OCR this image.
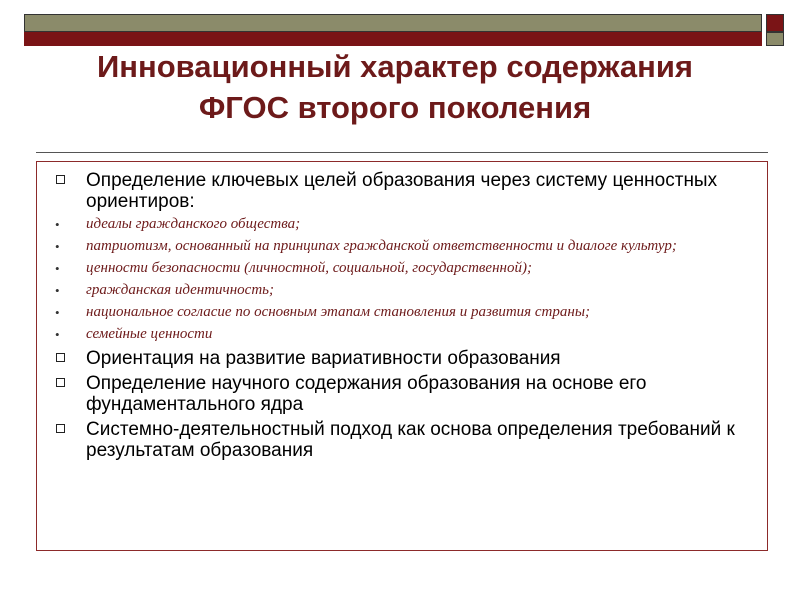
Инновационный характер содержания
ФГОС второго поколения
Определение ключевых целей образования через систему ценностных ориентиров:
• идеалы гражданского общества;
• патриотизм, основанный на принципах гражданской ответственности и диалоге культур;
• ценности безопасности (личностной, социальной, государственной);
• гражданская идентичность;
• национальное согласие по основным этапам становления и развития страны;
• семейные ценности
Ориентация на развитие вариативности образования
Определение научного содержания образования на основе его фундаментального ядра
Системно-деятельностный подход как основа определения требований к результатам образования
